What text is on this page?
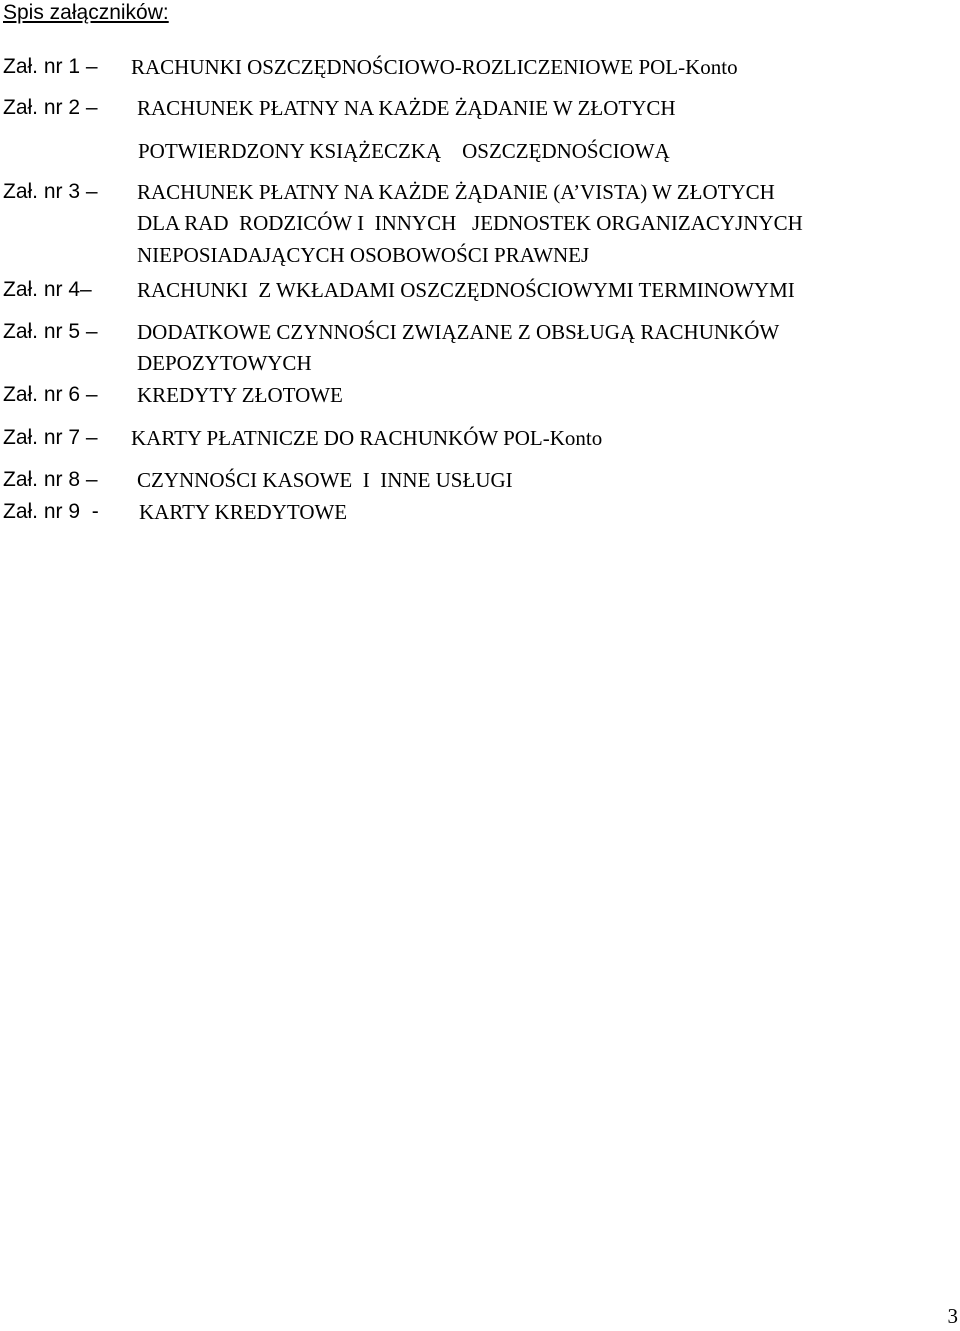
Spis załączników:
Zał. nr 1 – RACHUNKI OSZCZĘDNOŚCIOWO-ROZLICZENIOWE POL-Konto
Zał. nr 2 – RACHUNEK PŁATNY NA KAŻDE ŻĄDANIE W ZŁOTYCH
POTWIERDZONY KSIĄŻECZKĄ    OSZCZĘDNOŚCIOWĄ
Zał. nr 3 – RACHUNEK PŁATNY NA KAŻDE ŻĄDANIE (A’VISTA) W ZŁOTYCH
DLA RAD  RODZICÓW I  INNYCH   JEDNOSTEK ORGANIZACYJNYCH
NIEPOSIADAJĄCYCH OSOBOWOŚCI PRAWNEJ
Zał. nr 4– RACHUNKI  Z WKŁADAMI OSZCZĘDNOŚCIOWYMI TERMINOWYMI
Zał. nr 5 – DODATKOWE CZYNNOŚCI ZWIĄZANE Z OBSŁUGĄ RACHUNKÓW
DEPOZYTOWYCH
Zał. nr 6 – KREDYTY ZŁOTOWE
Zał. nr 7 – KARTY PŁATNICZE DO RACHUNKÓW POL-Konto
Zał. nr 8 – CZYNNOŚCI KASOWE  I  INNE USŁUGI
Zał. nr 9  - KARTY KREDYTOWE
3
